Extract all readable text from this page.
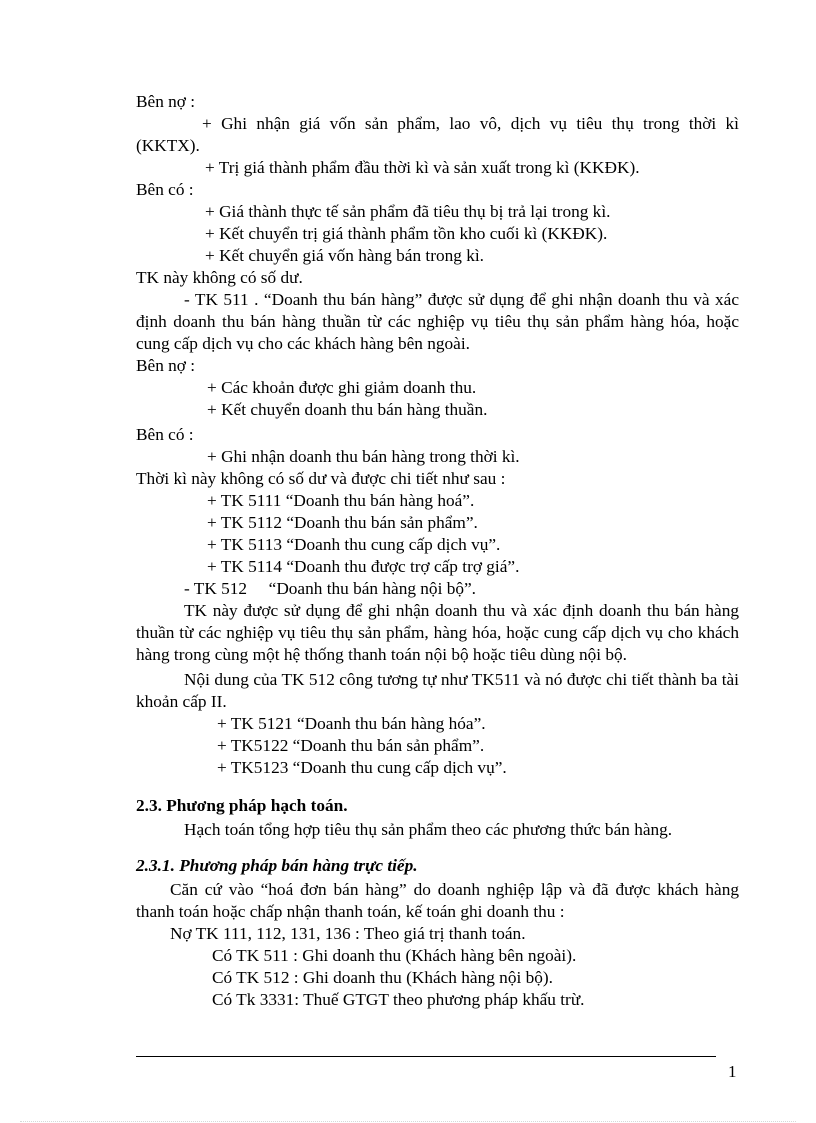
Bên nợ :

+ Ghi nhận giá vốn sản phẩm, lao vô, dịch vụ tiêu thụ trong thời kì

(KKTX).

+ Trị giá thành phẩm đầu thời kì và sản xuất trong kì (KKĐK).

Bên có :

+ Giá thành thực tế sản phẩm đã tiêu thụ bị trả lại trong kì.

+ Kết chuyển trị giá thành phẩm tồn kho cuối kì (KKĐK).

+ Kết chuyển giá vốn hàng bán trong kì.

TK này không có số dư.

- TK 511 . “Doanh thu bán hàng” được sử dụng để ghi nhận doanh thu và xác định doanh thu bán hàng thuần từ các nghiệp vụ tiêu thụ sản phẩm hàng hóa, hoặc cung cấp dịch vụ cho các khách hàng bên ngoài.

Bên nợ :

+ Các khoản được ghi giảm doanh thu.

+ Kết chuyển doanh thu bán hàng thuần.

Bên có :

+ Ghi nhận doanh thu bán hàng trong thời kì.

Thời kì này không có số dư và được chi tiết như sau :

+ TK 5111 “Doanh thu bán hàng hoá”.

+ TK 5112 “Doanh thu bán sản phẩm”.

+ TK 5113 “Doanh thu cung cấp dịch vụ”.

+ TK 5114 “Doanh thu được trợ cấp trợ giá”.

- TK 512     “Doanh thu bán hàng nội bộ”.

TK này được sử dụng để ghi nhận doanh thu và xác định doanh thu bán hàng thuần từ các nghiệp vụ tiêu thụ sản phẩm, hàng hóa, hoặc cung cấp dịch vụ cho khách hàng trong cùng một hệ thống thanh toán nội bộ hoặc tiêu dùng nội bộ.

Nội dung của TK 512 công tương tự như TK511 và nó được chi tiết thành ba tài khoản cấp II.

+ TK 5121 “Doanh thu bán hàng hóa”.

+ TK5122 “Doanh thu bán sản phẩm”.

+ TK5123 “Doanh thu cung cấp dịch vụ”.

2.3. Phương pháp hạch toán.

Hạch toán tổng hợp tiêu thụ sản phẩm theo các phương thức bán hàng.

2.3.1. Phương pháp bán hàng trực tiếp.

Căn cứ vào “hoá đơn bán hàng” do doanh nghiệp lập và đã được khách hàng thanh toán hoặc chấp nhận thanh toán, kế toán ghi doanh thu :

Nợ TK 111, 112, 131, 136 : Theo giá trị thanh toán.

Có TK 511 : Ghi doanh thu (Khách hàng bên ngoài).

Có TK 512 : Ghi doanh thu (Khách hàng nội bộ).

Có Tk 3331: Thuế GTGT theo phương pháp khấu trừ.

1
